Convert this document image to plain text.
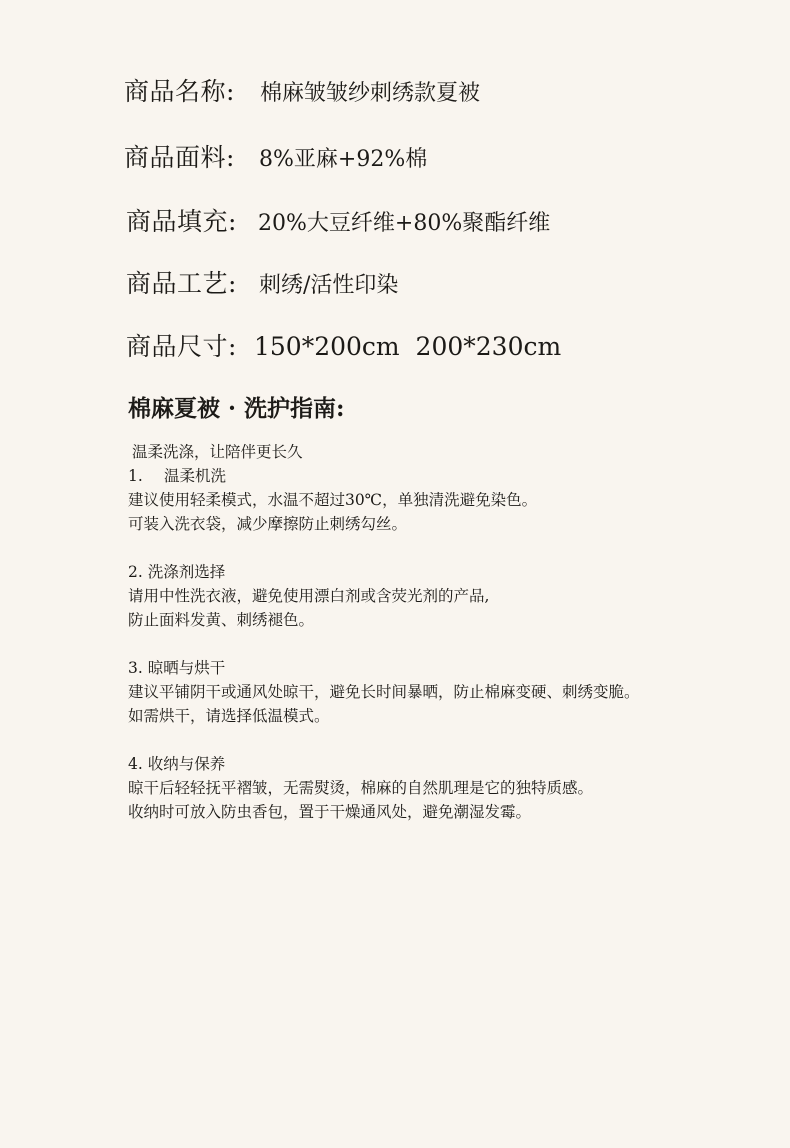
商品名称:	棉麻皱皱纱刺绣款夏被
商品面料:	8%亚麻+92%棉
商品填充: 20%大豆纤维+80%聚酯纤维
商品工艺:	刺绣/活性印染
商品尺寸: 150*200cm  200*230cm
棉麻夏被 · 洗护指南:
温柔洗涤，让陪伴更长久
1. 温柔机洗
建议使用轻柔模式，水温不超过30℃，单独清洗避免染色。
可装入洗衣袋，减少摩擦防止刺绣勾丝。
2. 洗涤剂选择
请用中性洗衣液，避免使用漂白剂或含荧光剂的产品,
防止面料发黄、刺绣褪色。
3. 晾晒与烘干
建议平铺阴干或通风处晾干，避免长时间暴晒，防止棉麻变硬、刺绣变脆。
如需烘干，请选择低温模式。
4. 收纳与保养
晾干后轻轻抚平褶皱，无需熨烫，棉麻的自然肌理是它的独特质感。
收纳时可放入防虫香包，置于干燥通风处，避免潮湿发霉。
